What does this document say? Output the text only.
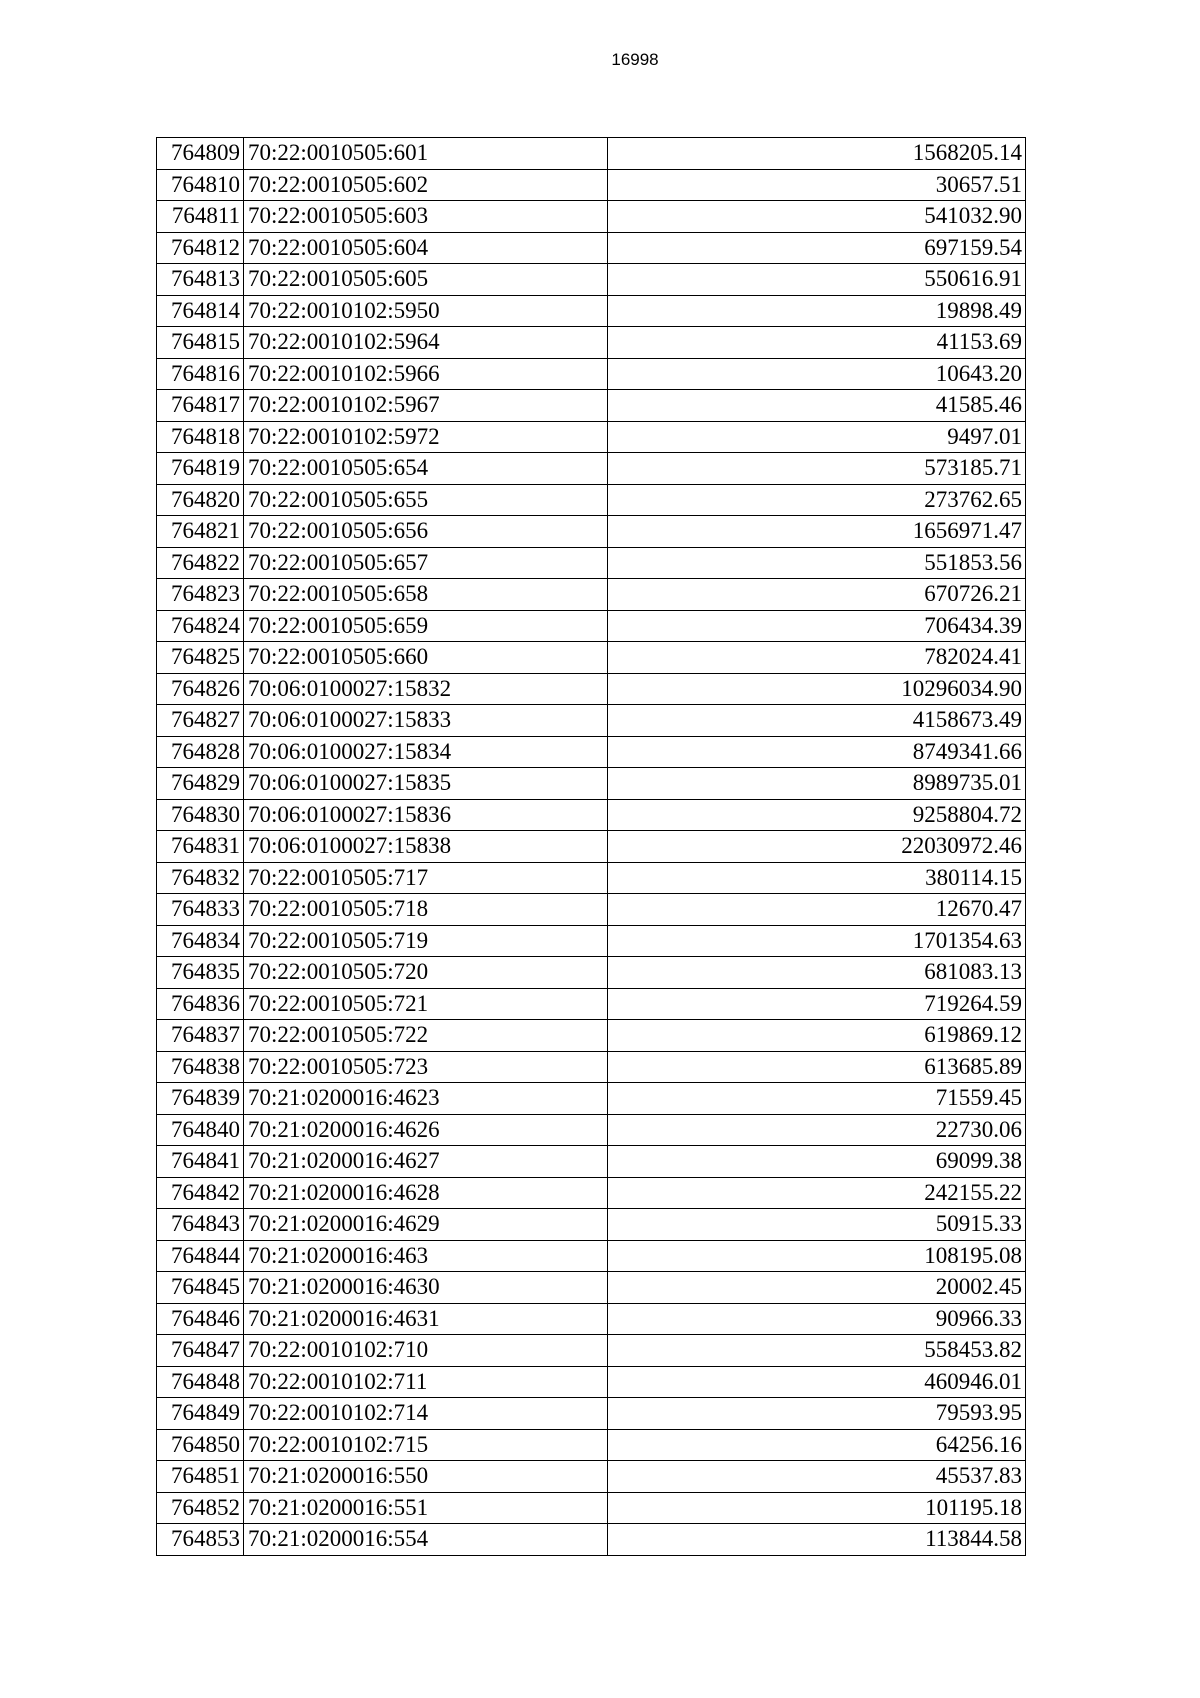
16998
764809	70:22:0010505:601	1568205.14
764810	70:22:0010505:602	30657.51
764811	70:22:0010505:603	541032.90
764812	70:22:0010505:604	697159.54
764813	70:22:0010505:605	550616.91
764814	70:22:0010102:5950	19898.49
764815	70:22:0010102:5964	41153.69
764816	70:22:0010102:5966	10643.20
764817	70:22:0010102:5967	41585.46
764818	70:22:0010102:5972	9497.01
764819	70:22:0010505:654	573185.71
764820	70:22:0010505:655	273762.65
764821	70:22:0010505:656	1656971.47
764822	70:22:0010505:657	551853.56
764823	70:22:0010505:658	670726.21
764824	70:22:0010505:659	706434.39
764825	70:22:0010505:660	782024.41
764826	70:06:0100027:15832	10296034.90
764827	70:06:0100027:15833	4158673.49
764828	70:06:0100027:15834	8749341.66
764829	70:06:0100027:15835	8989735.01
764830	70:06:0100027:15836	9258804.72
764831	70:06:0100027:15838	22030972.46
764832	70:22:0010505:717	380114.15
764833	70:22:0010505:718	12670.47
764834	70:22:0010505:719	1701354.63
764835	70:22:0010505:720	681083.13
764836	70:22:0010505:721	719264.59
764837	70:22:0010505:722	619869.12
764838	70:22:0010505:723	613685.89
764839	70:21:0200016:4623	71559.45
764840	70:21:0200016:4626	22730.06
764841	70:21:0200016:4627	69099.38
764842	70:21:0200016:4628	242155.22
764843	70:21:0200016:4629	50915.33
764844	70:21:0200016:463	108195.08
764845	70:21:0200016:4630	20002.45
764846	70:21:0200016:4631	90966.33
764847	70:22:0010102:710	558453.82
764848	70:22:0010102:711	460946.01
764849	70:22:0010102:714	79593.95
764850	70:22:0010102:715	64256.16
764851	70:21:0200016:550	45537.83
764852	70:21:0200016:551	101195.18
764853	70:21:0200016:554	113844.58
